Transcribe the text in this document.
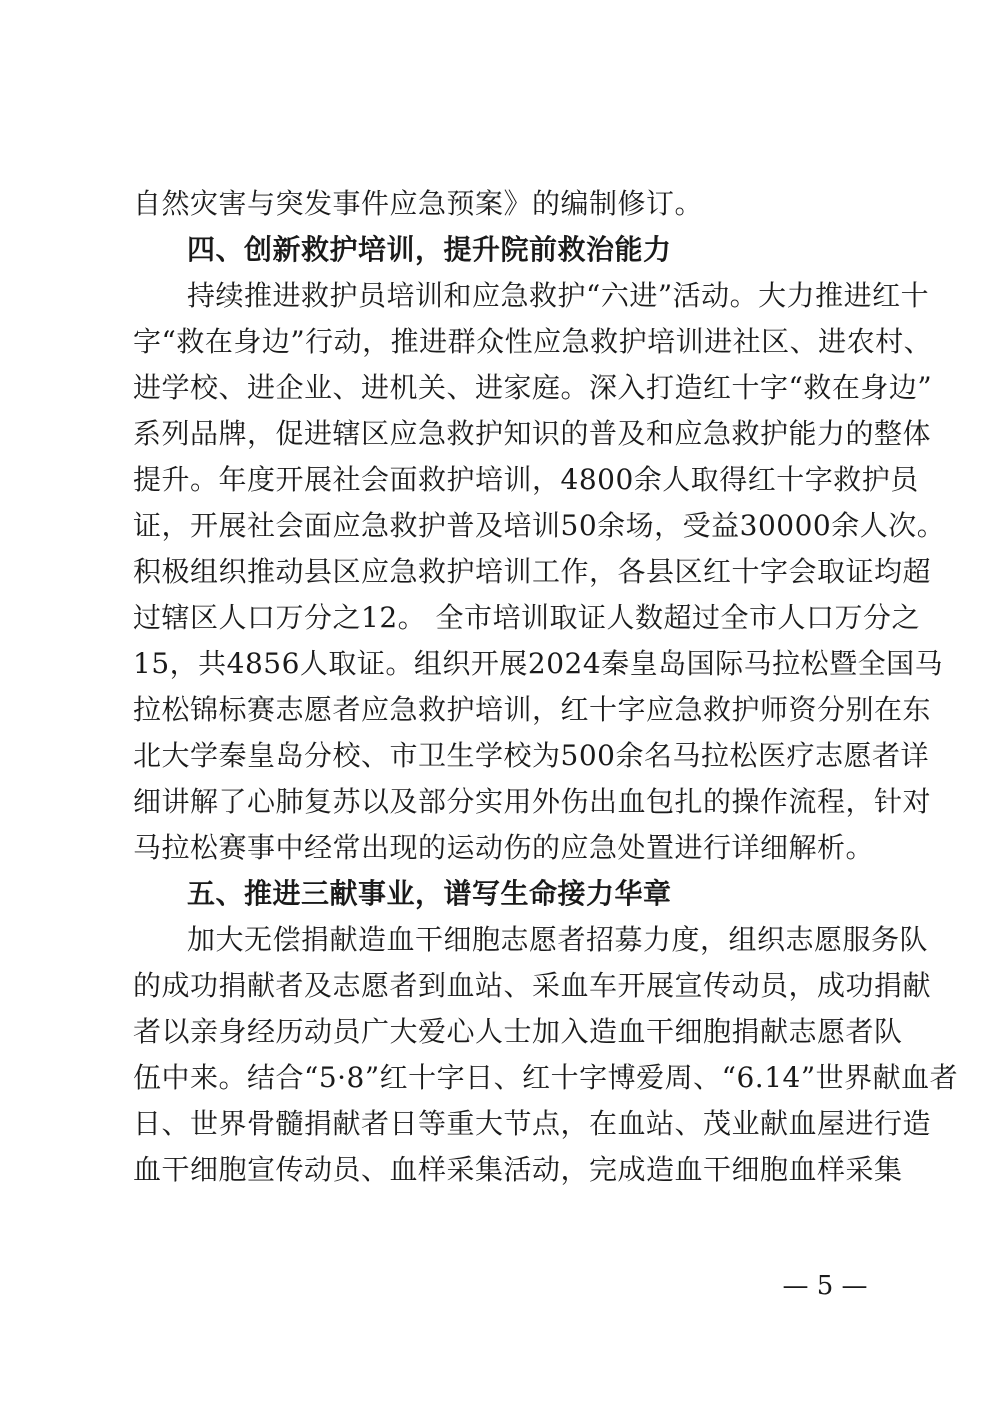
自然灾害与突发事件应急预案》的编制修订。
四、创新救护培训，提升院前救治能力
持续推进救护员培训和应急救护“六进”活动。大力推进红十
字“救在身边”行动，推进群众性应急救护培训进社区、进农村、
进学校、进企业、进机关、进家庭。深入打造红十字“救在身边”
系列品牌，促进辖区应急救护知识的普及和应急救护能力的整体
提升。年度开展社会面救护培训，4800余人取得红十字救护员
证，开展社会面应急救护普及培训50余场，受益30000余人次。
积极组织推动县区应急救护培训工作，各县区红十字会取证均超
过辖区人口万分之12。 全市培训取证人数超过全市人口万分之
15，共4856人取证。组织开展2024秦皇岛国际马拉松暨全国马
拉松锦标赛志愿者应急救护培训，红十字应急救护师资分别在东
北大学秦皇岛分校、市卫生学校为500余名马拉松医疗志愿者详
细讲解了心肺复苏以及部分实用外伤出血包扎的操作流程，针对
马拉松赛事中经常出现的运动伤的应急处置进行详细解析。
五、推进三献事业，谱写生命接力华章
加大无偿捐献造血干细胞志愿者招募力度，组织志愿服务队
的成功捐献者及志愿者到血站、采血车开展宣传动员，成功捐献
者以亲身经历动员广大爱心人士加入造血干细胞捐献志愿者队
伍中来。结合“5·8”红十字日、红十字博爱周、“6.14”世界献血者
日、世界骨髓捐献者日等重大节点，在血站、茂业献血屋进行造
血干细胞宣传动员、血样采集活动，完成造血干细胞血样采集
— 5 —
